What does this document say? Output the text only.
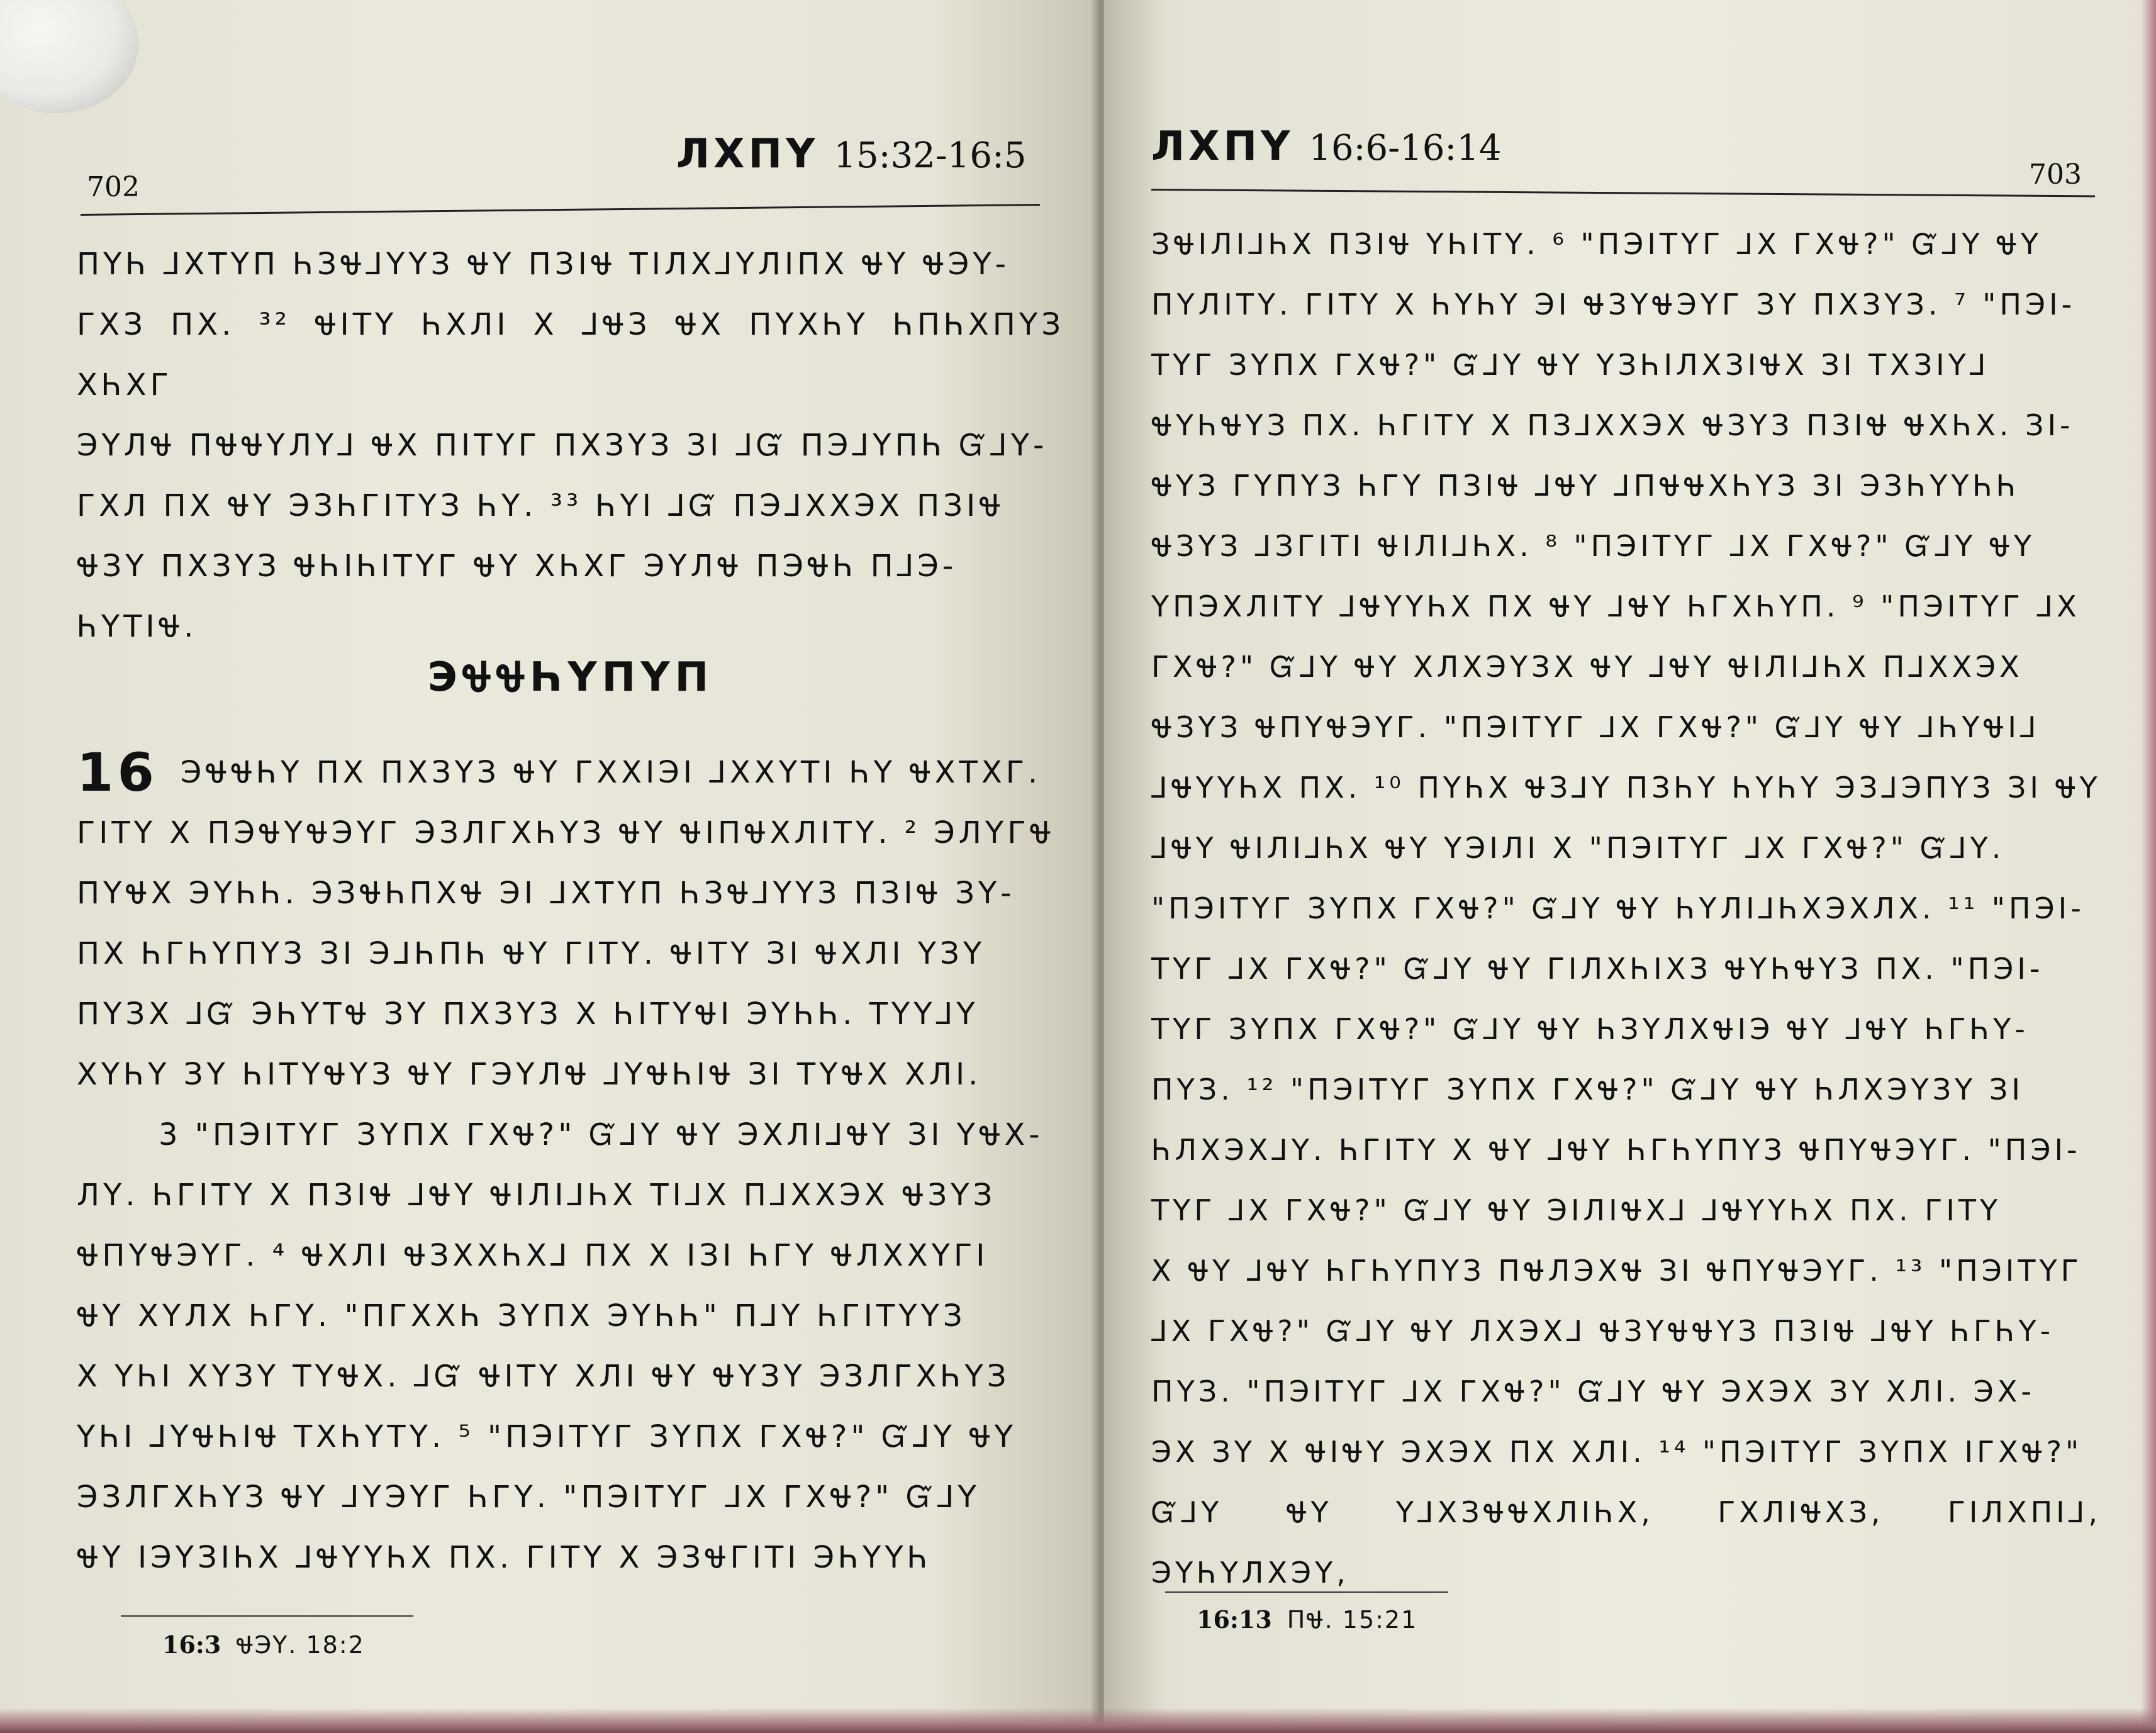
702
ЛХПҮ 15:32-16:5

ПҮҺ ⅃ХТҮП ҺЗᏠ⅃ҮҮЗ ᏠҮ ПЗІᏠ ТІЛХ⅃ҮЛІПХ ᏠҮ ᏠЭҮ-

ГХЗ ПХ. ³² ᏠІТҮ ҺХЛІ Х ⅃ᏠЗ ᏠХ ПҮХҺҮ ҺПҺХПҮЗ ХҺХГ

ЭҮЛᏠ ПᏠᏠҮЛҮ⅃ ᏠХ ПІТҮГ ПХЗҮЗ ЗІ ⅃Ᏻ ПЭ⅃ҮПҺ Ᏻ⅃Ү-

ГХЛ ПХ ᏠҮ ЭЗҺГІТҮЗ ҺҮ. ³³ ҺҮІ ⅃Ᏻ ПЭ⅃ХХЭХ ПЗІᏠ

ᏠЗҮ ПХЗҮЗ ᏠҺІҺІТҮГ ᏠҮ ХҺХГ ЭҮЛᏠ ПЭᏠҺ П⅃Э-

ҺҮТІᏠ.

ЭᏠᏠҺҮПҮП
16 ЭᏠᏠҺҮ ПХ ПХЗҮЗ ᏠҮ ГХХІЭІ ⅃ХХҮТІ ҺҮ ᏠХТХГ.

ГІТҮ Х ПЭᏠҮᏠЭҮГ ЭЗЛГХҺҮЗ ᏠҮ ᏠІПᏠХЛІТҮ. ² ЭЛҮГᏠ

ПҮᏠХ ЭҮҺҺ. ЭЗᏠҺПХᏠ ЭІ ⅃ХТҮП ҺЗᏠ⅃ҮҮЗ ПЗІᏠ ЗҮ-

ПХ ҺГҺҮПҮЗ ЗІ Э⅃ҺПҺ ᏠҮ ГІТҮ. ᏠІТҮ ЗІ ᏠХЛІ ҮЗҮ

ПҮЗХ ⅃Ᏻ ЭҺҮТᏠ ЗҮ ПХЗҮЗ Х ҺІТҮᏠІ ЭҮҺҺ. ТҮҮ⅃Ү

ХҮҺҮ ЗҮ ҺІТҮᏠҮЗ ᏠҮ ГЭҮЛᏠ ⅃ҮᏠҺІᏠ ЗІ ТҮᏠХ ХЛІ.

3 "ПЭІТҮГ ЗҮПХ ГХᏠ?" Ᏻ⅃Ү ᏠҮ ЭХЛІ⅃ᏠҮ ЗІ ҮᏠХ-

ЛҮ. ҺГІТҮ Х ПЗІᏠ ⅃ᏠҮ ᏠІЛІ⅃ҺХ ТІ⅃Х П⅃ХХЭХ ᏠЗҮЗ

ᏠПҮᏠЭҮГ. ⁴ ᏠХЛІ ᏠЗХХҺХ⅃ ПХ Х ІЗІ ҺГҮ ᏠЛХХҮГІ

ᏠҮ ХҮЛХ ҺГҮ. "ПГХХҺ ЗҮПХ ЭҮҺҺ" П⅃Ү ҺГІТҮҮЗ

Х ҮҺІ ХҮЗҮ ТҮᏠХ. ⅃Ᏻ ᏠІТҮ ХЛІ ᏠҮ ᏠҮЗҮ ЭЗЛГХҺҮЗ

ҮҺІ ⅃ҮᏠҺІᏠ ТХҺҮТҮ. ⁵ "ПЭІТҮГ ЗҮПХ ГХᏠ?" Ᏻ⅃Ү ᏠҮ

ЭЗЛГХҺҮЗ ᏠҮ ⅃ҮЭҮГ ҺГҮ. "ПЭІТҮГ ⅃Х ГХᏠ?" Ᏻ⅃Ү

ᏠҮ ІЭҮЗІҺХ ⅃ᏠҮҮҺХ ПХ. ГІТҮ Х ЭЗᏠГІТІ ЭҺҮҮҺ

16:3 ᏠЭҮ. 18:2
ЛХПҮ 16:6-16:14
703

ЗᏠІЛІ⅃ҺХ ПЗІᏠ ҮҺІТҮ. ⁶ "ПЭІТҮГ ⅃Х ГХᏠ?" Ᏻ⅃Ү ᏠҮ

ПҮЛІТҮ. ГІТҮ Х ҺҮҺҮ ЭІ ᏠЗҮᏠЭҮГ ЗҮ ПХЗҮЗ. ⁷ "ПЭІ-

ТҮГ ЗҮПХ ГХᏠ?" Ᏻ⅃Ү ᏠҮ ҮЗҺІЛХЗІᏠХ ЗІ ТХЗІҮ⅃

ᏠҮҺᏠҮЗ ПХ. ҺГІТҮ Х ПЗ⅃ХХЭХ ᏠЗҮЗ ПЗІᏠ ᏠХҺХ. ЗІ-

ᏠҮЗ ГҮПҮЗ ҺГҮ ПЗІᏠ ⅃ᏠҮ ⅃ПᏠᏠХҺҮЗ ЗІ ЭЗҺҮҮҺҺ

ᏠЗҮЗ ⅃ЗГІТІ ᏠІЛІ⅃ҺХ. ⁸ "ПЭІТҮГ ⅃Х ГХᏠ?" Ᏻ⅃Ү ᏠҮ

ҮПЭХЛІТҮ ⅃ᏠҮҮҺХ ПХ ᏠҮ ⅃ᏠҮ ҺГХҺҮП. ⁹ "ПЭІТҮГ ⅃Х

ГХᏠ?" Ᏻ⅃Ү ᏠҮ ХЛХЭҮЗХ ᏠҮ ⅃ᏠҮ ᏠІЛІ⅃ҺХ П⅃ХХЭХ

ᏠЗҮЗ ᏠПҮᏠЭҮГ. "ПЭІТҮГ ⅃Х ГХᏠ?" Ᏻ⅃Ү ᏠҮ ⅃ҺҮᏠІ⅃

⅃ᏠҮҮҺХ ПХ. ¹⁰ ПҮҺХ ᏠЗ⅃Ү ПЗҺҮ ҺҮҺҮ ЭЗ⅃ЭПҮЗ ЗІ ᏠҮ

⅃ᏠҮ ᏠІЛІ⅃ҺХ ᏠҮ ҮЭІЛІ Х "ПЭІТҮГ ⅃Х ГХᏠ?" Ᏻ⅃Ү.

"ПЭІТҮГ ЗҮПХ ГХᏠ?" Ᏻ⅃Ү ᏠҮ ҺҮЛІ⅃ҺХЭХЛХ. ¹¹ "ПЭІ-

ТҮГ ⅃Х ГХᏠ?" Ᏻ⅃Ү ᏠҮ ГІЛХҺІХЗ ᏠҮҺᏠҮЗ ПХ. "ПЭІ-

ТҮГ ЗҮПХ ГХᏠ?" Ᏻ⅃Ү ᏠҮ ҺЗҮЛХᏠІЭ ᏠҮ ⅃ᏠҮ ҺГҺҮ-

ПҮЗ. ¹² "ПЭІТҮГ ЗҮПХ ГХᏠ?" Ᏻ⅃Ү ᏠҮ ҺЛХЭҮЗҮ ЗІ

ҺЛХЭХ⅃Ү. ҺГІТҮ Х ᏠҮ ⅃ᏠҮ ҺГҺҮПҮЗ ᏠПҮᏠЭҮГ. "ПЭІ-

ТҮГ ⅃Х ГХᏠ?" Ᏻ⅃Ү ᏠҮ ЭІЛІᏠХ⅃ ⅃ᏠҮҮҺХ ПХ. ГІТҮ

Х ᏠҮ ⅃ᏠҮ ҺГҺҮПҮЗ ПᏠЛЭХᏠ ЗІ ᏠПҮᏠЭҮГ. ¹³ "ПЭІТҮГ

⅃Х ГХᏠ?" Ᏻ⅃Ү ᏠҮ ЛХЭХ⅃ ᏠЗҮᏠᏠҮЗ ПЗІᏠ ⅃ᏠҮ ҺГҺҮ-

ПҮЗ. "ПЭІТҮГ ⅃Х ГХᏠ?" Ᏻ⅃Ү ᏠҮ ЭХЭХ ЗҮ ХЛІ. ЭХ-

ЭХ ЗҮ Х ᏠІᏠҮ ЭХЭХ ПХ ХЛІ. ¹⁴ "ПЭІТҮГ ЗҮПХ ІГХᏠ?"

Ᏻ⅃Ү ᏠҮ Ү⅃ХЗᏠᏠХЛІҺХ, ГХЛІᏠХЗ, ГІЛХПІ⅃, ЭҮҺҮЛХЭҮ,

16:13 ПᏠ. 15:21
